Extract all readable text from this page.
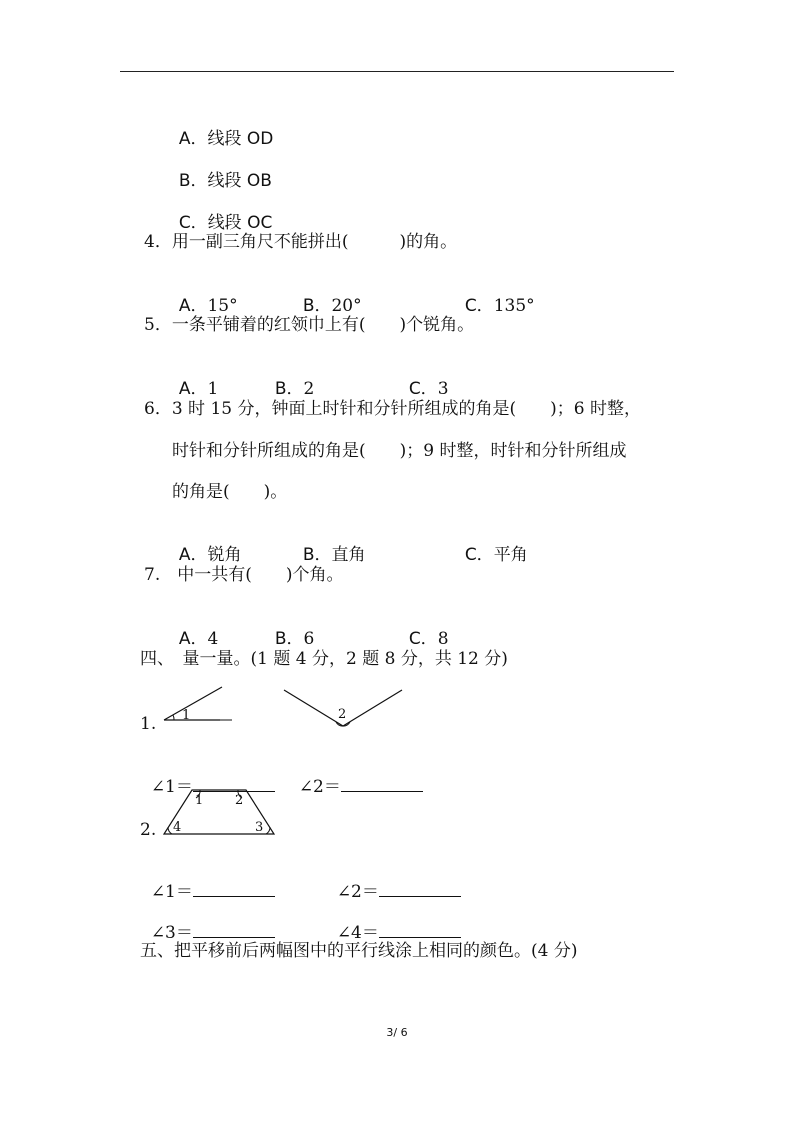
A．线段 OD

B．线段 OB

C．线段 OC

4．用一副三角尺不能拼出(　　　)的角。

A．15°	B．20°	C．135°

5．一条平铺着的红领巾上有(　　)个锐角。

A．1	B．2	C．3

6．3 时 15 分，钟面上时针和分针所组成的角是(　　)；6 时整，
时针和分针所组成的角是(　　)；9 时整，时针和分针所组成
的角是(　　)。

A．锐角	B．直角	C．平角

7.　中一共有(　　)个角。

A．4	B．6	C．8

四、　量一量。(1 题 4 分，2 题 8 分，共 12 分)
1. 1	2

∠1＝	∠2＝

2.
1 2
3
4

∠1＝	∠2＝

∠3＝	∠4＝

五、把平移前后两幅图中的平行线涂上相同的颜色。(4 分)
3/ 6
